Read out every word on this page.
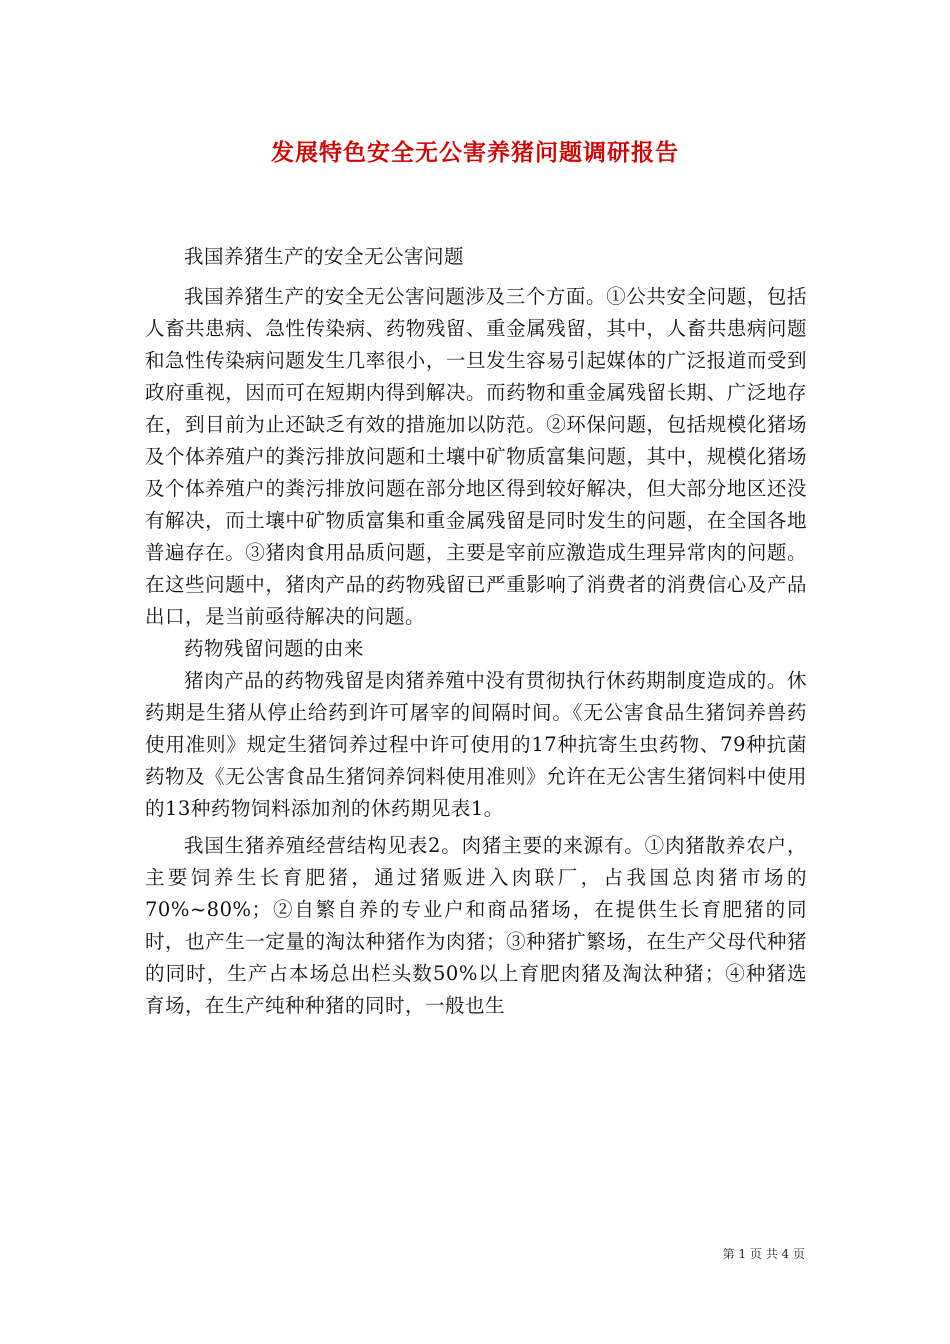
发展特色安全无公害养猪问题调研报告

我国养猪生产的安全无公害问题

我国养猪生产的安全无公害问题涉及三个方面。①公共安全问题，包括人畜共患病、急性传染病、药物残留、重金属残留，其中，人畜共患病问题和急性传染病问题发生几率很小，一旦发生容易引起媒体的广泛报道而受到政府重视，因而可在短期内得到解决。而药物和重金属残留长期、广泛地存在，到目前为止还缺乏有效的措施加以防范。②环保问题，包括规模化猪场及个体养殖户的粪污排放问题和土壤中矿物质富集问题，其中，规模化猪场及个体养殖户的粪污排放问题在部分地区得到较好解决，但大部分地区还没有解决，而土壤中矿物质富集和重金属残留是同时发生的问题，在全国各地普遍存在。③猪肉食用品质问题，主要是宰前应激造成生理异常肉的问题。在这些问题中，猪肉产品的药物残留已严重影响了消费者的消费信心及产品出口，是当前亟待解决的问题。

药物残留问题的由来

猪肉产品的药物残留是肉猪养殖中没有贯彻执行休药期制度造成的。休药期是生猪从停止给药到许可屠宰的间隔时间。《无公害食品生猪饲养兽药使用准则》规定生猪饲养过程中许可使用的17种抗寄生虫药物、79种抗菌药物及《无公害食品生猪饲养饲料使用准则》允许在无公害生猪饲料中使用的13种药物饲料添加剂的休药期见表1。

我国生猪养殖经营结构见表2。肉猪主要的来源有。①肉猪散养农户，主要饲养生长育肥猪，通过猪贩进入肉联厂，占我国总肉猪市场的70%~80%；②自繁自养的专业户和商品猪场，在提供生长育肥猪的同时，也产生一定量的淘汰种猪作为肉猪；③种猪扩繁场，在生产父母代种猪的同时，生产占本场总出栏头数50%以上育肥肉猪及淘汰种猪；④种猪选育场，在生产纯种种猪的同时，一般也生

第 1 页 共 4 页
